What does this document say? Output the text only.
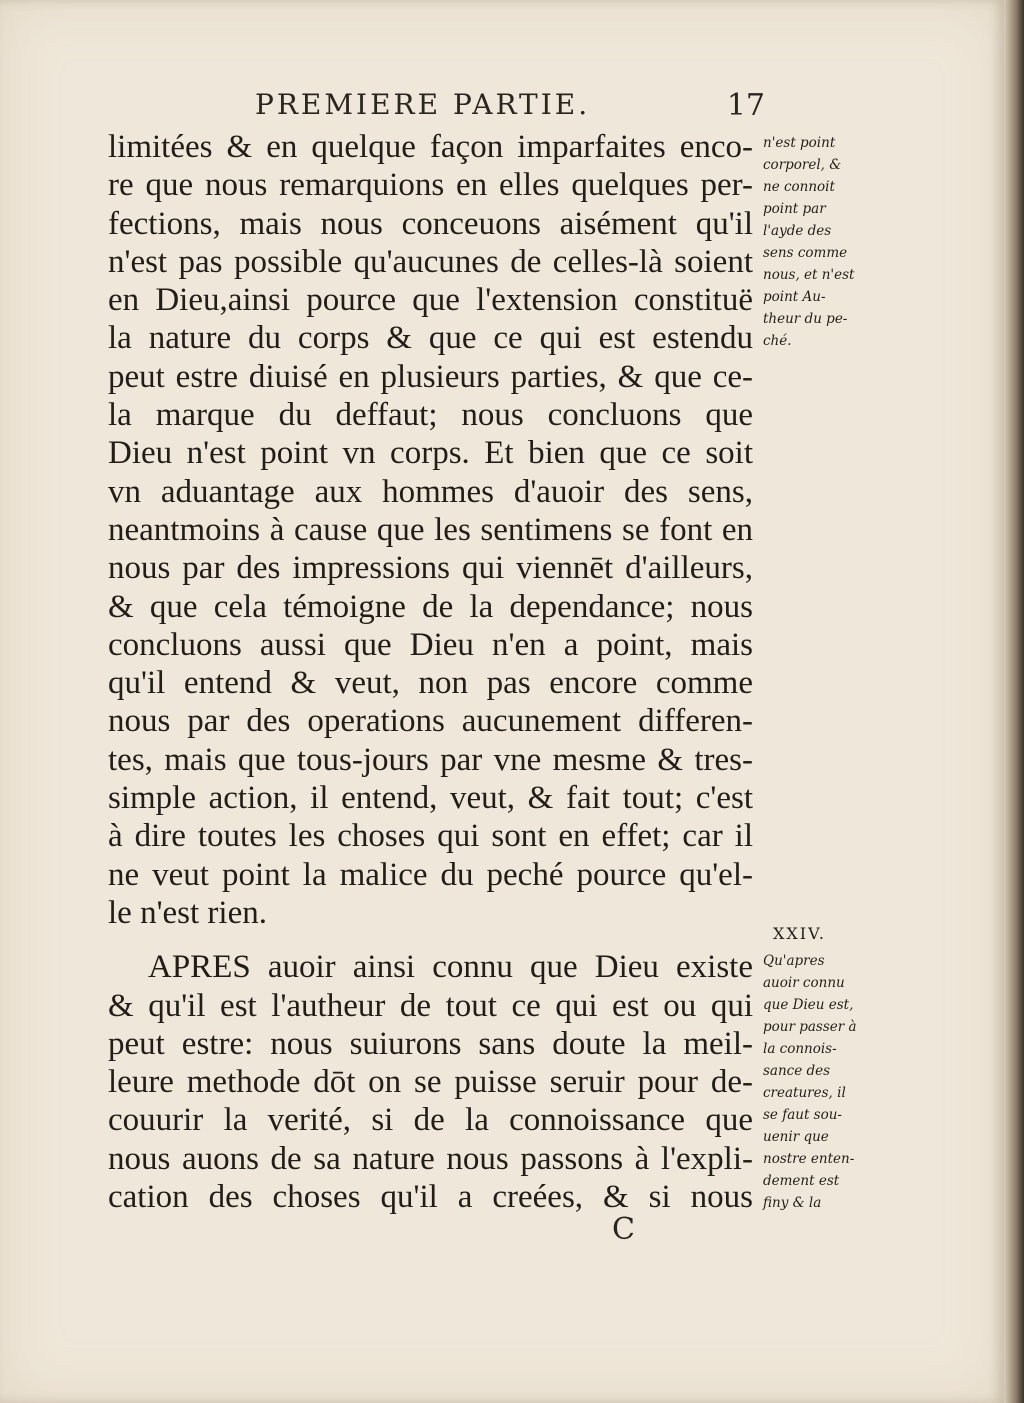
PREMIERE PARTIE.	17
limitées & en quelque façon imparfaites enco-
re que nous remarquions en elles quelques per-
fections, mais nous conceuons aisément qu'il
n'est pas possible qu'aucunes de celles-là soient
en Dieu,ainsi pource que l'extension constituë
la nature du corps & que ce qui est estendu
peut estre diuisé en plusieurs parties, & que ce-
la marque du deffaut; nous concluons que
Dieu n'est point vn corps. Et bien que ce soit
vn aduantage aux hommes d'auoir des sens,
neantmoins à cause que les sentimens se font en
nous par des impressions qui viennēt d'ailleurs,
& que cela témoigne de la dependance; nous
concluons aussi que Dieu n'en a point, mais
qu'il entend & veut, non pas encore comme
nous par des operations aucunement differen-
tes, mais que tous-jours par vne mesme & tres-
simple action, il entend, veut, & fait tout; c'est
à dire toutes les choses qui sont en effet; car il
ne veut point la malice du peché pource qu'el-
le n'est rien.
APRES auoir ainsi connu que Dieu existe
& qu'il est l'autheur de tout ce qui est ou qui
peut estre: nous suiurons sans doute la meil-
leure methode dōt on se puisse seruir pour de-
couurir la verité, si de la connoissance que
nous auons de sa nature nous passons à l'expli-
cation des choses qu'il a creées, & si nous
n'est point
corporel, &
ne connoit
point par
l'ayde des
sens comme
nous, et n'est
point Au-
theur du pe-
ché.
XXIV.
Qu'apres
auoir connu
que Dieu est,
pour passer à
la connois-
sance des
creatures, il
se faut sou-
uenir que
nostre enten-
dement est
finy & la
C
